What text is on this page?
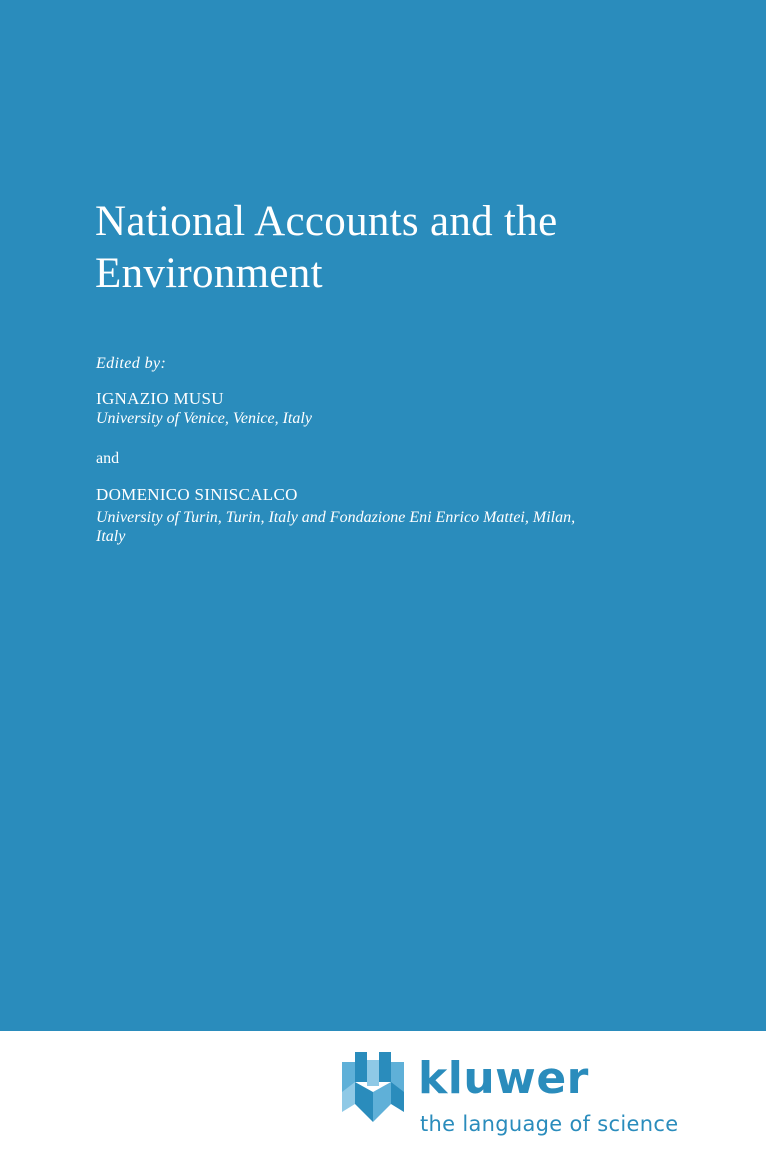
National Accounts and the
Environment

Edited by:

IGNAZIO MUSU

University of Venice, Venice, Italy

and

DOMENICO SINISCALCO

University of Turin, Turin, Italy and Fondazione Eni Enrico Mattei, Milan,

Italy

kluwer

the language of science
